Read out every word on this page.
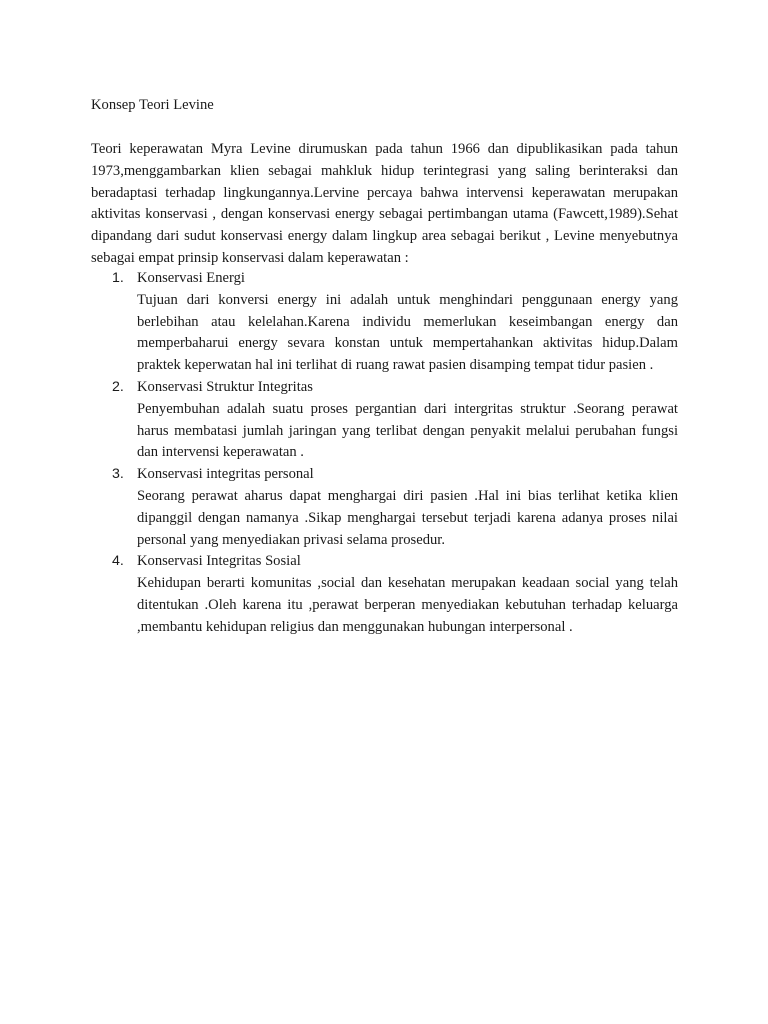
Konsep Teori Levine

Teori keperawatan Myra Levine dirumuskan pada tahun 1966 dan dipublikasikan pada tahun 1973,menggambarkan klien sebagai mahkluk hidup terintegrasi yang saling berinteraksi dan beradaptasi terhadap lingkungannya.Lervine percaya bahwa intervensi keperawatan merupakan aktivitas konservasi , dengan konservasi energy sebagai pertimbangan utama (Fawcett,1989).Sehat dipandang dari sudut konservasi energy dalam lingkup area sebagai berikut , Levine menyebutnya sebagai empat prinsip konservasi dalam keperawatan :

1. Konservasi Energi

Tujuan dari konversi energy ini adalah untuk menghindari penggunaan energy yang berlebihan atau kelelahan.Karena individu memerlukan keseimbangan energy dan memperbaharui energy sevara konstan untuk mempertahankan aktivitas hidup.Dalam praktek keperwatan hal ini terlihat di ruang rawat pasien disamping tempat tidur pasien .

2. Konservasi Struktur Integritas

Penyembuhan adalah suatu proses pergantian dari intergritas struktur .Seorang perawat harus membatasi jumlah jaringan yang terlibat dengan penyakit melalui perubahan fungsi dan intervensi keperawatan .

3. Konservasi integritas personal

Seorang perawat aharus dapat menghargai diri pasien .Hal ini bias terlihat ketika klien dipanggil dengan namanya .Sikap menghargai tersebut terjadi karena adanya proses nilai personal yang menyediakan privasi selama prosedur.

4. Konservasi Integritas Sosial

Kehidupan berarti komunitas ,social dan kesehatan merupakan keadaan social yang telah ditentukan .Oleh karena itu ,perawat berperan menyediakan kebutuhan terhadap keluarga ,membantu kehidupan religius dan menggunakan hubungan interpersonal .
